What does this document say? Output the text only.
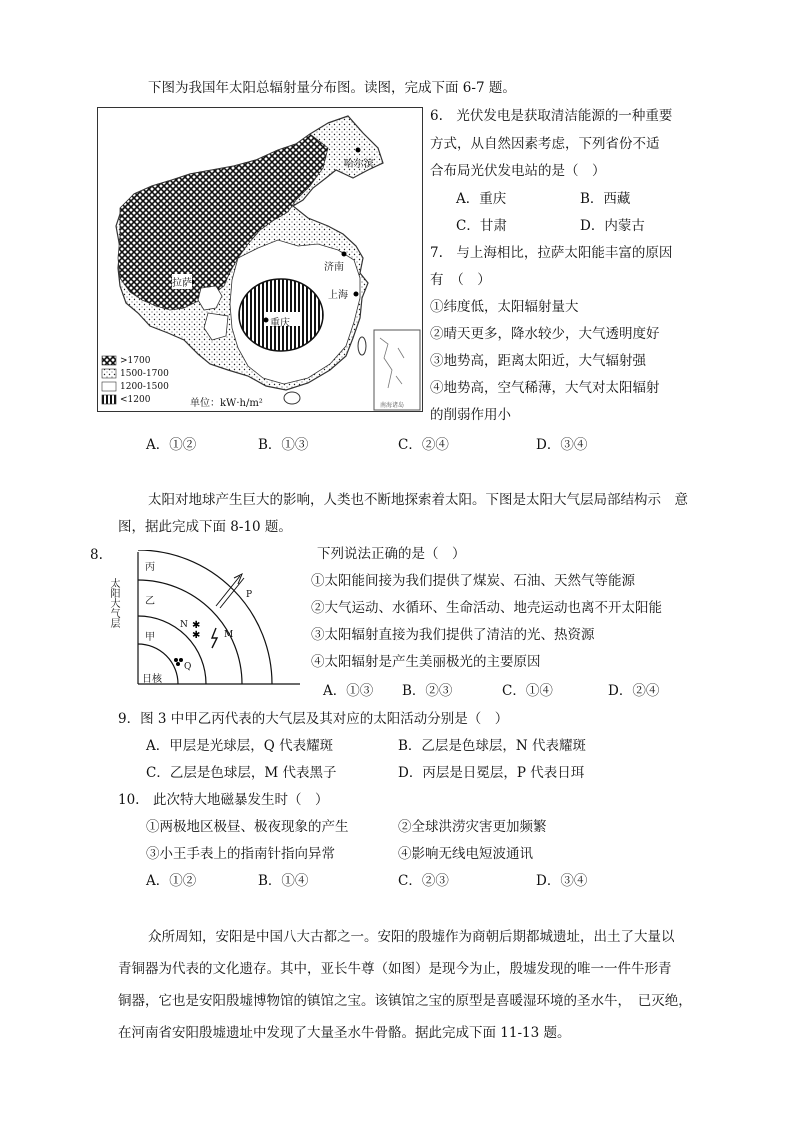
下图为我国年太阳总辐射量分布图。读图，完成下面 6-7 题。
哈尔滨
拉萨
济南
上海
重庆
>1700
1500-1700
1200-1500
<1200	单位：kW·h/m²	南海诸岛
6.　光伏发电是获取清洁能源的一种重要
方式，从自然因素考虑，下列省份不适
合布局光伏发电站的是（　）
A．重庆	B．西藏
C．甘肃	D．内蒙古
7.　与上海相比，拉萨太阳能丰富的原因
有　（　）
①纬度低，太阳辐射量大
②晴天更多，降水较少，大气透明度好
③地势高，距离太阳近，大气辐射强
④地势高，空气稀薄，大气对太阳辐射
的削弱作用小
A．①②	B．①③	C．②④	D．③④
太阳对地球产生巨大的影响，人类也不断地探索着太阳。下图是太阳大气层局部结构示　意
图，据此完成下面 8-10 题。
8.
✱
✱
太阳大气层
丙
乙
甲
日核
P
N
M
Q
下列说法正确的是（　）
①太阳能间接为我们提供了煤炭、石油、天然气等能源
②大气运动、水循环、生命活动、地壳运动也离不开太阳能
③太阳辐射直接为我们提供了清洁的光、热资源
④太阳辐射是产生美丽极光的主要原因
A．①③ B．②③	C．①④	D．②④
9．图 3 中甲乙丙代表的大气层及其对应的太阳活动分别是（　）
A．甲层是光球层，Q 代表耀斑	B．乙层是色球层，N 代表耀斑
C．乙层是色球层，M 代表黑子	D．丙层是日冕层，P 代表日珥
10.　此次特大地磁暴发生时（　）
①两极地区极昼、极夜现象的产生	②全球洪涝灾害更加频繁
③小王手表上的指南针指向异常	④影响无线电短波通讯
A．①②	B．①④	C．②③	D．③④
众所周知，安阳是中国八大古都之一。安阳的殷墟作为商朝后期都城遗址，出土了大量以
青铜器为代表的文化遗存。其中，亚长牛尊（如图）是现今为止，殷墟发现的唯一一件牛形青
铜器，它也是安阳殷墟博物馆的镇馆之宝。该镇馆之宝的原型是喜暖湿环境的圣水牛，　已灭绝，
在河南省安阳殷墟遗址中发现了大量圣水牛骨骼。据此完成下面 11-13 题。
